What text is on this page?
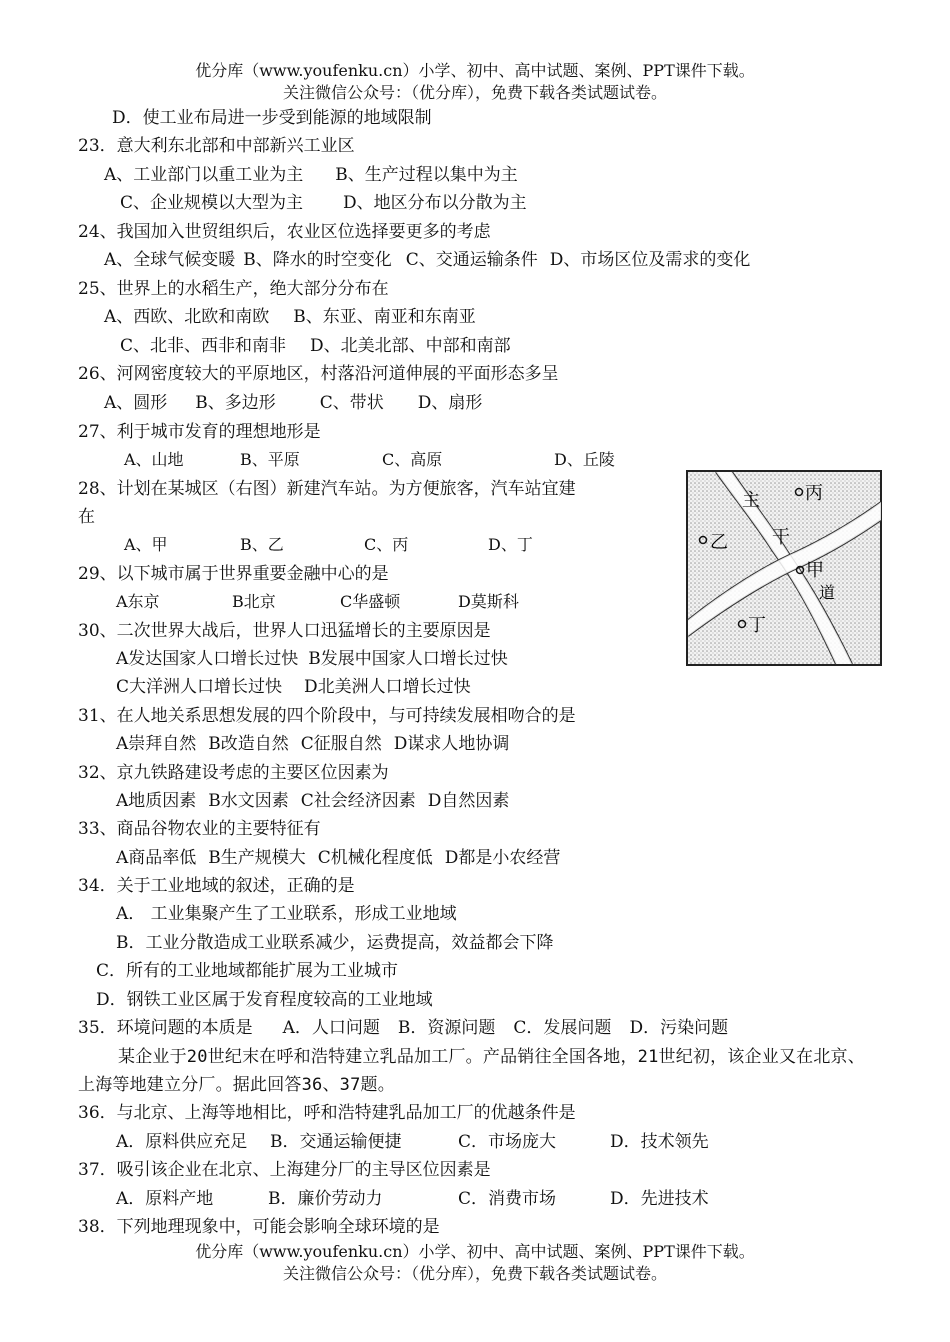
优分库（www.youfenku.cn）小学、初中、高中试题、案例、PPT课件下载。
关注微信公众号：（优分库），免费下载各类试题试卷。
D．使工业布局进一步受到能源的地域限制
23．意大利东北部和中部新兴工业区
A、工业部门以重工业为主 B、生产过程以集中为主
C、企业规模以大型为主 D、地区分布以分散为主
24、我国加入世贸组织后，农业区位选择要更多的考虑
A、全球气候变暖 B、降水的时空变化 C、交通运输条件 D、市场区位及需求的变化
25、世界上的水稻生产，绝大部分分布在
A、西欧、北欧和南欧 B、东亚、南亚和东南亚
C、北非、西非和南非 D、北美北部、中部和南部
26、河网密度较大的平原地区，村落沿河道伸展的平面形态多呈
A、圆形 B、多边形	C、带状 D、扇形
27、利于城市发育的理想地形是
A、山地	B、平原	C、高原	D、丘陵
28、计划在某城区（右图）新建汽车站。为方便旅客，汽车站宜建
在
A、甲	B、乙	C、丙	D、丁
主	丙
乙 干
甲
道
丁
29、以下城市属于世界重要金融中心的是
A东京	B北京	C华盛顿	D莫斯科
30、二次世界大战后，世界人口迅猛增长的主要原因是
A发达国家人口增长过快 B发展中国家人口增长过快
C大洋洲人口增长过快 D北美洲人口增长过快
31、在人地关系思想发展的四个阶段中，与可持续发展相吻合的是
A崇拜自然 B改造自然 C征服自然 D谋求人地协调
32、京九铁路建设考虑的主要区位因素为
A地质因素 B水文因素 C社会经济因素 D自然因素
33、商品谷物农业的主要特征有
A商品率低 B生产规模大 C机械化程度低 D都是小农经营
34．关于工业地域的叙述，正确的是
A． 工业集聚产生了工业联系，形成工业地域
B．工业分散造成工业联系减少，运费提高，效益都会下降
C．所有的工业地域都能扩展为工业城市
D．钢铁工业区属于发育程度较高的工业地域
35．环境问题的本质是 A．人口问题 B．资源问题 C．发展问题 D．污染问题
某企业于20世纪末在呼和浩特建立乳品加工厂。产品销往全国各地，21世纪初，该企业又在北京、上海等地建立分厂。据此回答36、37题。
36．与北京、上海等地相比，呼和浩特建乳品加工厂的优越条件是
A．原料供应充足 B．交通运输便捷	C．市场庞大	D．技术领先
37．吸引该企业在北京、上海建分厂的主导区位因素是
A．原料产地	B．廉价劳动力	C．消费市场	D．先进技术
38．下列地理现象中，可能会影响全球环境的是
优分库（www.youfenku.cn）小学、初中、高中试题、案例、PPT课件下载。
关注微信公众号：（优分库），免费下载各类试题试卷。
